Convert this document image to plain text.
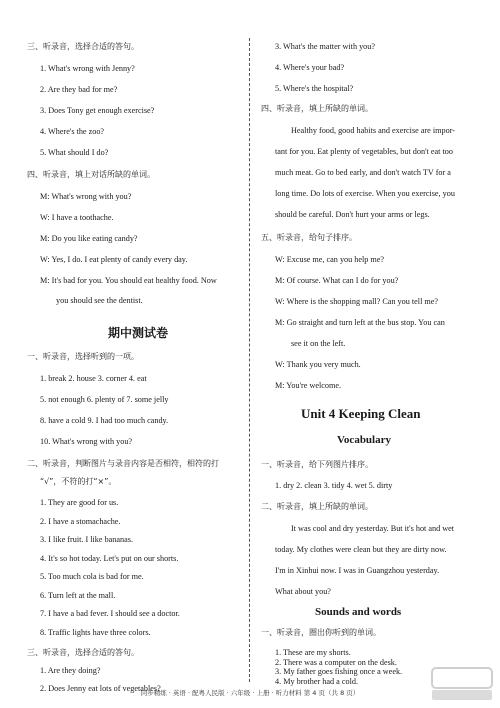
三、听录音，选择合适的答句。
1. What's wrong with Jenny?
2. Are they bad for me?
3. Does Tony get enough exercise?
4. Where's the zoo?
5. What should I do?
四、听录音，填上对话所缺的单词。
M: What's wrong with you?
W: I have a toothache.
M: Do you like eating candy?
W: Yes, I do. I eat plenty of candy every day.
M: It's bad for you. You should eat healthy food. Now
you should see the dentist.
期中测试卷
一、听录音，选择听到的一项。
1. break 2. house 3. corner 4. eat
5. not enough 6. plenty of 7. some jelly
8. have a cold 9. I had too much candy.
10. What's wrong with you?
二、听录音，判断图片与录音内容是否相符，相符的打
“√”，不符的打“×”。
1. They are good for us.
2. I have a stomachache.
3. I like fruit. I like bananas.
4. It's so hot today. Let's put on our shorts.
5. Too much cola is bad for me.
6. Turn left at the mall.
7. I have a bad fever. I should see a doctor.
8. Traffic lights have three colors.
3. What's the matter with you?
4. Where's your bad?
5. Where's the hospital?
四、听录音，填上所缺的单词。
Healthy food, good habits and exercise are impor-
tant for you. Eat plenty of vegetables, but don't eat too
much meat. Go to bed early, and don't watch TV for a
long time. Do lots of exercise. When you exercise, you
should be careful. Don't hurt your arms or legs.
五、听录音，给句子排序。
W: Excuse me, can you help me?
M: Of course. What can I do for you?
W: Where is the shopping mall? Can you tell me?
M: Go straight and turn left at the bus stop. You can
see it on the left.
W: Thank you very much.
M: You're welcome.
Unit 4 Keeping Clean
Vocabulary
一、听录音，给下列图片排序。
1. dry 2. clean 3. tidy 4. wet 5. dirty
二、听录音，填上所缺的单词。
It was cool and dry yesterday. But it's hot and wet
today. My clothes were clean but they are dirty now.
I'm in Xinhui now. I was in Guangzhou yesterday.
What about you?
Sounds and words
一、听录音，圈出你听到的单词。
1. These are my shorts.
2. There was a computer on the desk.
3. My father goes fishing once a week.
4. My brother had a cold.
三、听录音，选择合适的答句。
1. Are they doing?
2. Does Jenny eat lots of vegetables?
同步精练 · 英语 · 配粤人民版 · 六年级 · 上册 · 听力材料 第 4 页（共 8 页）
